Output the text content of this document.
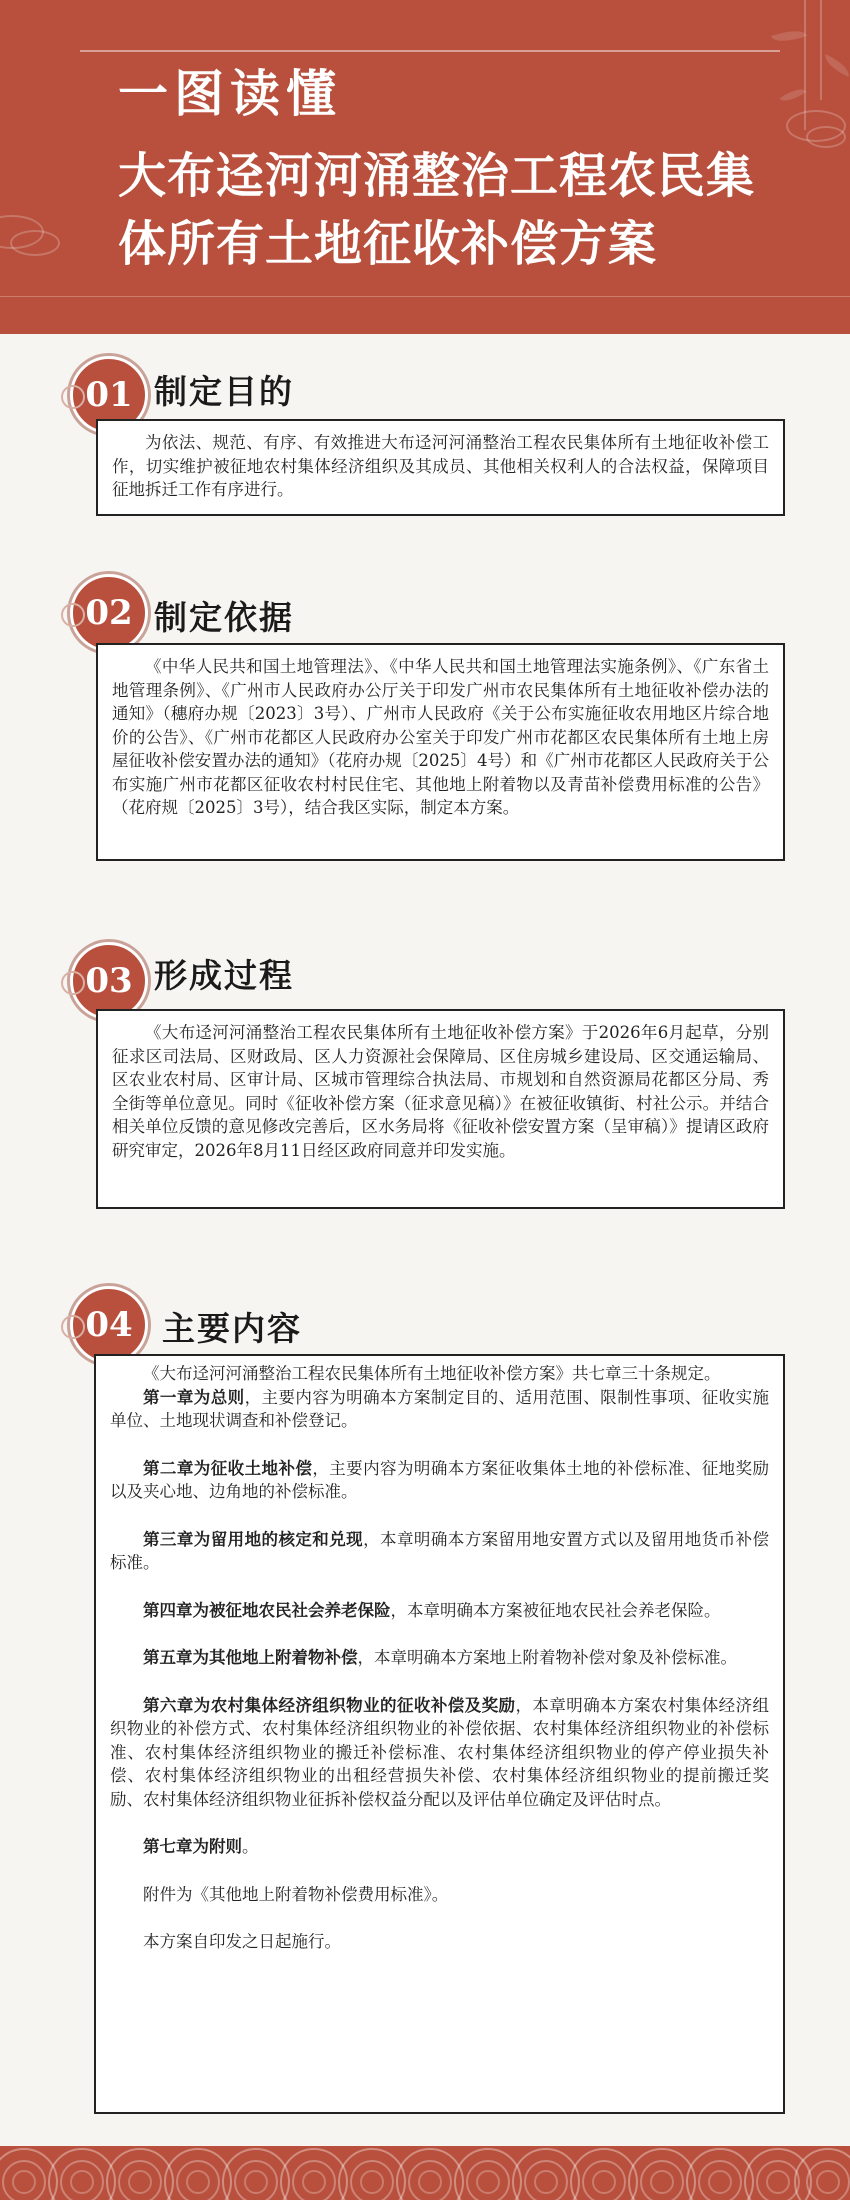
一图读懂
大布迳河河涌整治工程农民集体所有土地征收补偿方案
01 制定目的

为依法、规范、有序、有效推进大布迳河河涌整治工程农民集体所有土地征收补偿工作，切实维护被征地农村集体经济组织及其成员、其他相关权利人的合法权益，保障项目征地拆迁工作有序进行。

02 制定依据

《中华人民共和国土地管理法》、《中华人民共和国土地管理法实施条例》、《广东省土地管理条例》、《广州市人民政府办公厅关于印发广州市农民集体所有土地征收补偿办法的通知》（穗府办规〔2023〕3号）、广州市人民政府《关于公布实施征收农用地区片综合地价的公告》、《广州市花都区人民政府办公室关于印发广州市花都区农民集体所有土地上房屋征收补偿安置办法的通知》（花府办规〔2025〕4号）和《广州市花都区人民政府关于公布实施广州市花都区征收农村村民住宅、其他地上附着物以及青苗补偿费用标准的公告》（花府规〔2025〕3号），结合我区实际，制定本方案。

03 形成过程

《大布迳河河涌整治工程农民集体所有土地征收补偿方案》于2026年6月起草，分别征求区司法局、区财政局、区人力资源社会保障局、区住房城乡建设局、区交通运输局、区农业农村局、区审计局、区城市管理综合执法局、市规划和自然资源局花都区分局、秀全街等单位意见。同时《征收补偿方案（征求意见稿）》在被征收镇街、村社公示。并结合相关单位反馈的意见修改完善后，区水务局将《征收补偿安置方案（呈审稿）》提请区政府研究审定，2026年8月11日经区政府同意并印发实施。

04 主要内容

《大布迳河河涌整治工程农民集体所有土地征收补偿方案》共七章三十条规定。

第一章为总则，主要内容为明确本方案制定目的、适用范围、限制性事项、征收实施单位、土地现状调查和补偿登记。

第二章为征收土地补偿，主要内容为明确本方案征收集体土地的补偿标准、征地奖励以及夹心地、边角地的补偿标准。

第三章为留用地的核定和兑现，本章明确本方案留用地安置方式以及留用地货币补偿标准。

第四章为被征地农民社会养老保险，本章明确本方案被征地农民社会养老保险。

第五章为其他地上附着物补偿，本章明确本方案地上附着物补偿对象及补偿标准。

第六章为农村集体经济组织物业的征收补偿及奖励，本章明确本方案农村集体经济组织物业的补偿方式、农村集体经济组织物业的补偿依据、农村集体经济组织物业的补偿标准、农村集体经济组织物业的搬迁补偿标准、农村集体经济组织物业的停产停业损失补偿、农村集体经济组织物业的出租经营损失补偿、农村集体经济组织物业的提前搬迁奖励、农村集体经济组织物业征拆补偿权益分配以及评估单位确定及评估时点。

第七章为附则。

附件为《其他地上附着物补偿费用标准》。

本方案自印发之日起施行。
